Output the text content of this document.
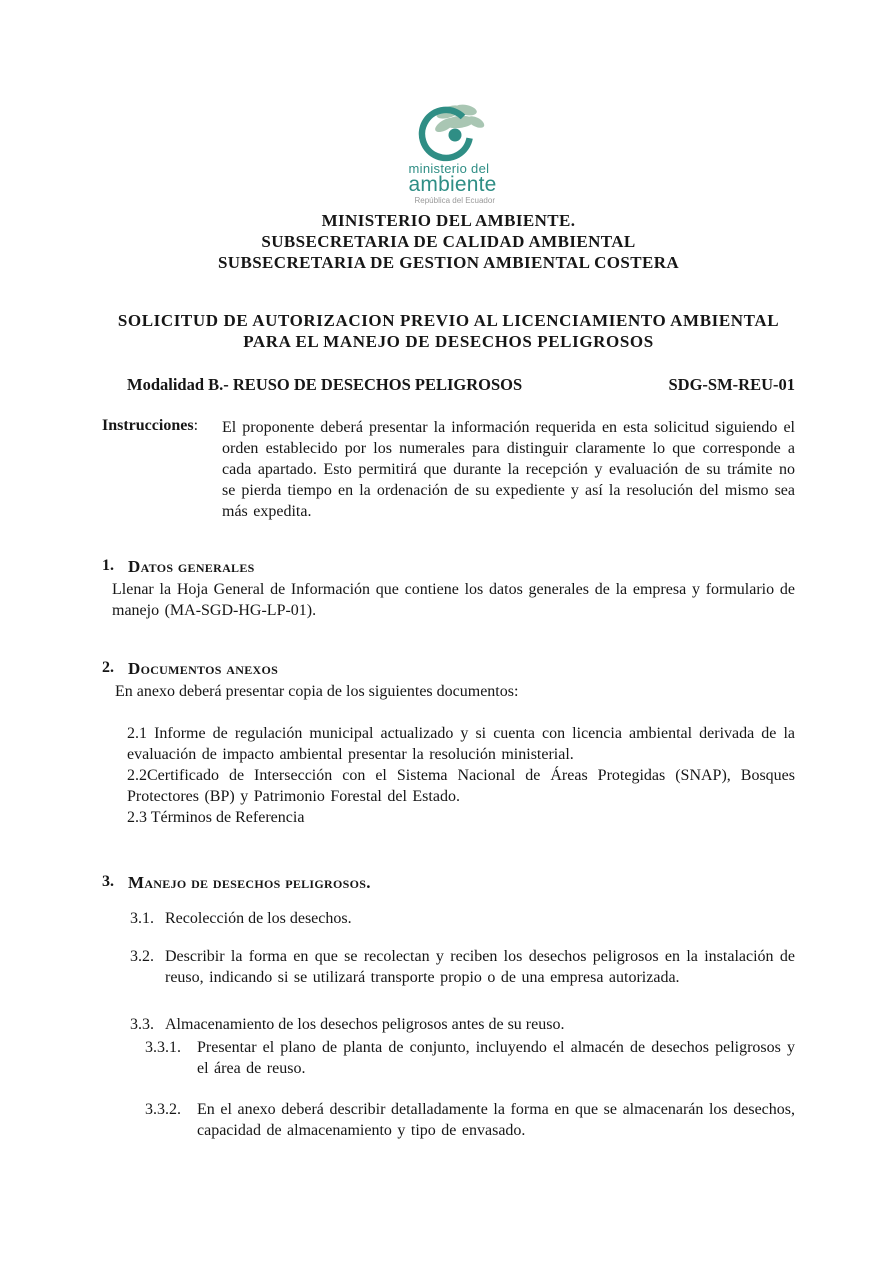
ministerio del
ambiente
República del Ecuador
MINISTERIO DEL AMBIENTE.
SUBSECRETARIA DE CALIDAD AMBIENTAL
SUBSECRETARIA DE GESTION AMBIENTAL COSTERA
SOLICITUD DE AUTORIZACION PREVIO AL LICENCIAMIENTO AMBIENTAL
PARA EL MANEJO DE DESECHOS PELIGROSOS
Modalidad B.- REUSO DE DESECHOS PELIGROSOS	SDG-SM-REU-01
Instrucciones:	El proponente deberá presentar la información requerida en esta solicitud siguiendo el orden establecido por los numerales para distinguir claramente lo que corresponde a cada apartado. Esto permitirá que durante la recepción y evaluación de su trámite no se pierda tiempo en la ordenación de su expediente y así la resolución del mismo sea más expedita.
1. Datos generales
Llenar la Hoja General de Información que contiene los datos generales de la empresa y formulario de manejo (MA-SGD-HG-LP-01).
2. Documentos anexos
En anexo deberá presentar copia de los siguientes documentos:
2.1 Informe de regulación municipal actualizado y si cuenta con licencia ambiental derivada de la evaluación de impacto ambiental presentar la resolución ministerial.
2.2Certificado de Intersección con el Sistema Nacional de Áreas Protegidas (SNAP), Bosques Protectores (BP) y Patrimonio Forestal del Estado.
2.3 Términos de Referencia
3. Manejo de desechos peligrosos.
3.1. Recolección de los desechos.
3.2. Describir la forma en que se recolectan y reciben los desechos peligrosos en la instalación de reuso, indicando si se utilizará transporte propio o de una empresa autorizada.
3.3. Almacenamiento de los desechos peligrosos antes de su reuso.
3.3.1. Presentar el plano de planta de conjunto, incluyendo el almacén de desechos peligrosos y el área de reuso.
3.3.2. En el anexo deberá describir detalladamente la forma en que se almacenarán los desechos, capacidad de almacenamiento y tipo de envasado.
